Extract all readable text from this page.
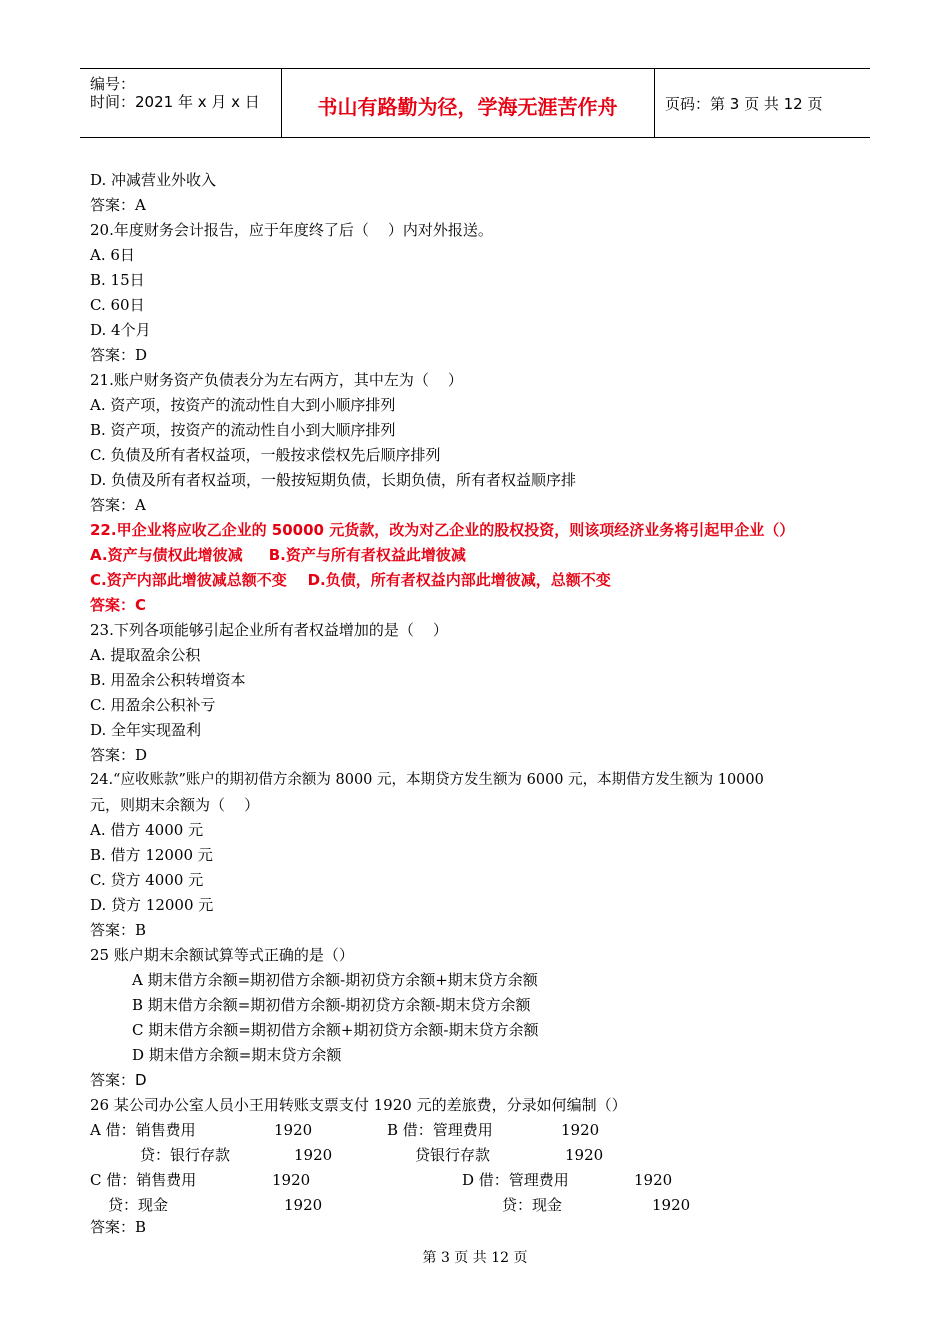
编号：
时间：2021 年 x 月 x 日	书山有路勤为径，学海无涯苦作舟	页码：第 3 页 共 12 页
D. 冲减营业外收入
答案：A
20.年度财务会计报告，应于年度终了后（    ）内对外报送。
A. 6日
B. 15日
C. 60日
D. 4个月
答案：D
21.账户财务资产负债表分为左右两方，其中左为（    ）
A. 资产项，按资产的流动性自大到小顺序排列
B. 资产项，按资产的流动性自小到大顺序排列
C. 负债及所有者权益项，一般按求偿权先后顺序排列
D. 负债及所有者权益项，一般按短期负债，长期负债，所有者权益顺序排
答案：A
22.甲企业将应收乙企业的 50000 元货款，改为对乙企业的股权投资，则该项经济业务将引起甲企业（）
A.资产与债权此增彼减     B.资产与所有者权益此增彼减
C.资产内部此增彼减总额不变    D.负债，所有者权益内部此增彼减，总额不变
答案：C
23.下列各项能够引起企业所有者权益增加的是（    ）
A. 提取盈余公积
B. 用盈余公积转增资本
C. 用盈余公积补亏
D. 全年实现盈利
答案：D
24.“应收账款”账户的期初借方余额为 8000 元，本期贷方发生额为 6000 元，本期借方发生额为 10000
元，则期末余额为（    ）
A. 借方 4000 元
B. 借方 12000 元
C. 贷方 4000 元
D. 贷方 12000 元
答案：B
25 账户期末余额试算等式正确的是（）
A 期末借方余额=期初借方余额-期初贷方余额+期末贷方余额
B 期末借方余额=期初借方余额-期初贷方余额-期末贷方余额
C 期末借方余额=期初借方余额+期初贷方余额-期末贷方余额
D 期末借方余额=期末贷方余额
答案：D
26 某公司办公室人员小王用转账支票支付 1920 元的差旅费，分录如何编制（）
A 借：销售费用	1920	B 借：管理费用	1920
贷：银行存款	1920	贷银行存款	1920
C 借：销售费用	1920	D 借：管理费用	1920
贷：现金	1920	贷：现金	1920
答案：B
第 3 页 共 12 页
